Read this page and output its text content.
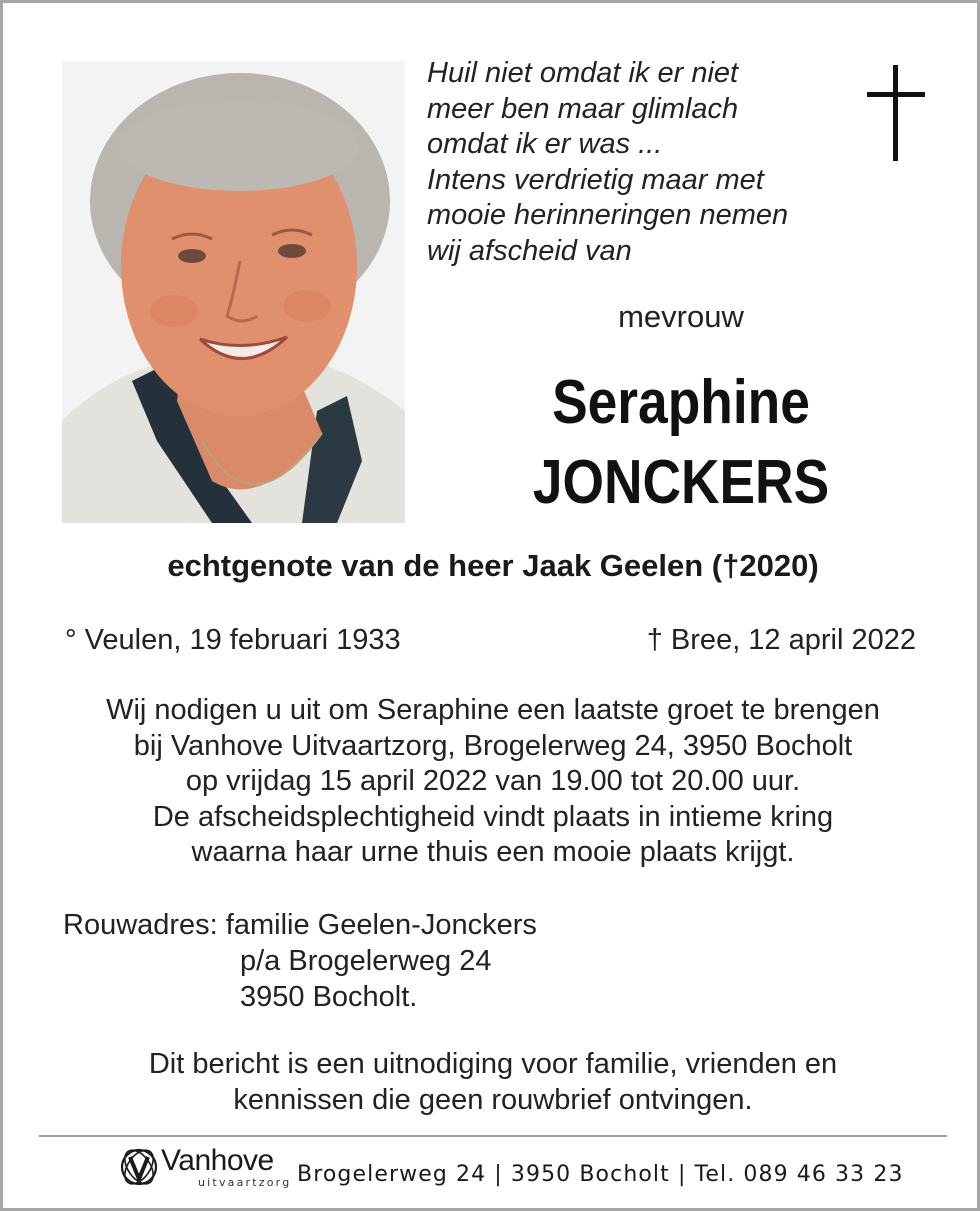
Huil niet omdat ik er niet
meer ben maar glimlach
omdat ik er was ...
Intens verdrietig maar met
mooie herinneringen nemen
wij afscheid van
mevrouw
Seraphine
JONCKERS
echtgenote van de heer Jaak Geelen (†2020)
° Veulen, 19 februari 1933	† Bree, 12 april 2022
Wij nodigen u uit om Seraphine een laatste groet te brengen
bij Vanhove Uitvaartzorg, Brogelerweg 24, 3950 Bocholt
op vrijdag 15 april 2022 van 19.00 tot 20.00 uur.
De afscheidsplechtigheid vindt plaats in intieme kring
waarna haar urne thuis een mooie plaats krijgt.
Rouwadres: familie Geelen-Jonckers
p/a Brogelerweg 24
3950 Bocholt.
Dit bericht is een uitnodiging voor familie, vrienden en
kennissen die geen rouwbrief ontvingen.
Vanhove
uitvaartzorg Brogelerweg 24 | 3950 Bocholt | Tel. 089 46 33 23
